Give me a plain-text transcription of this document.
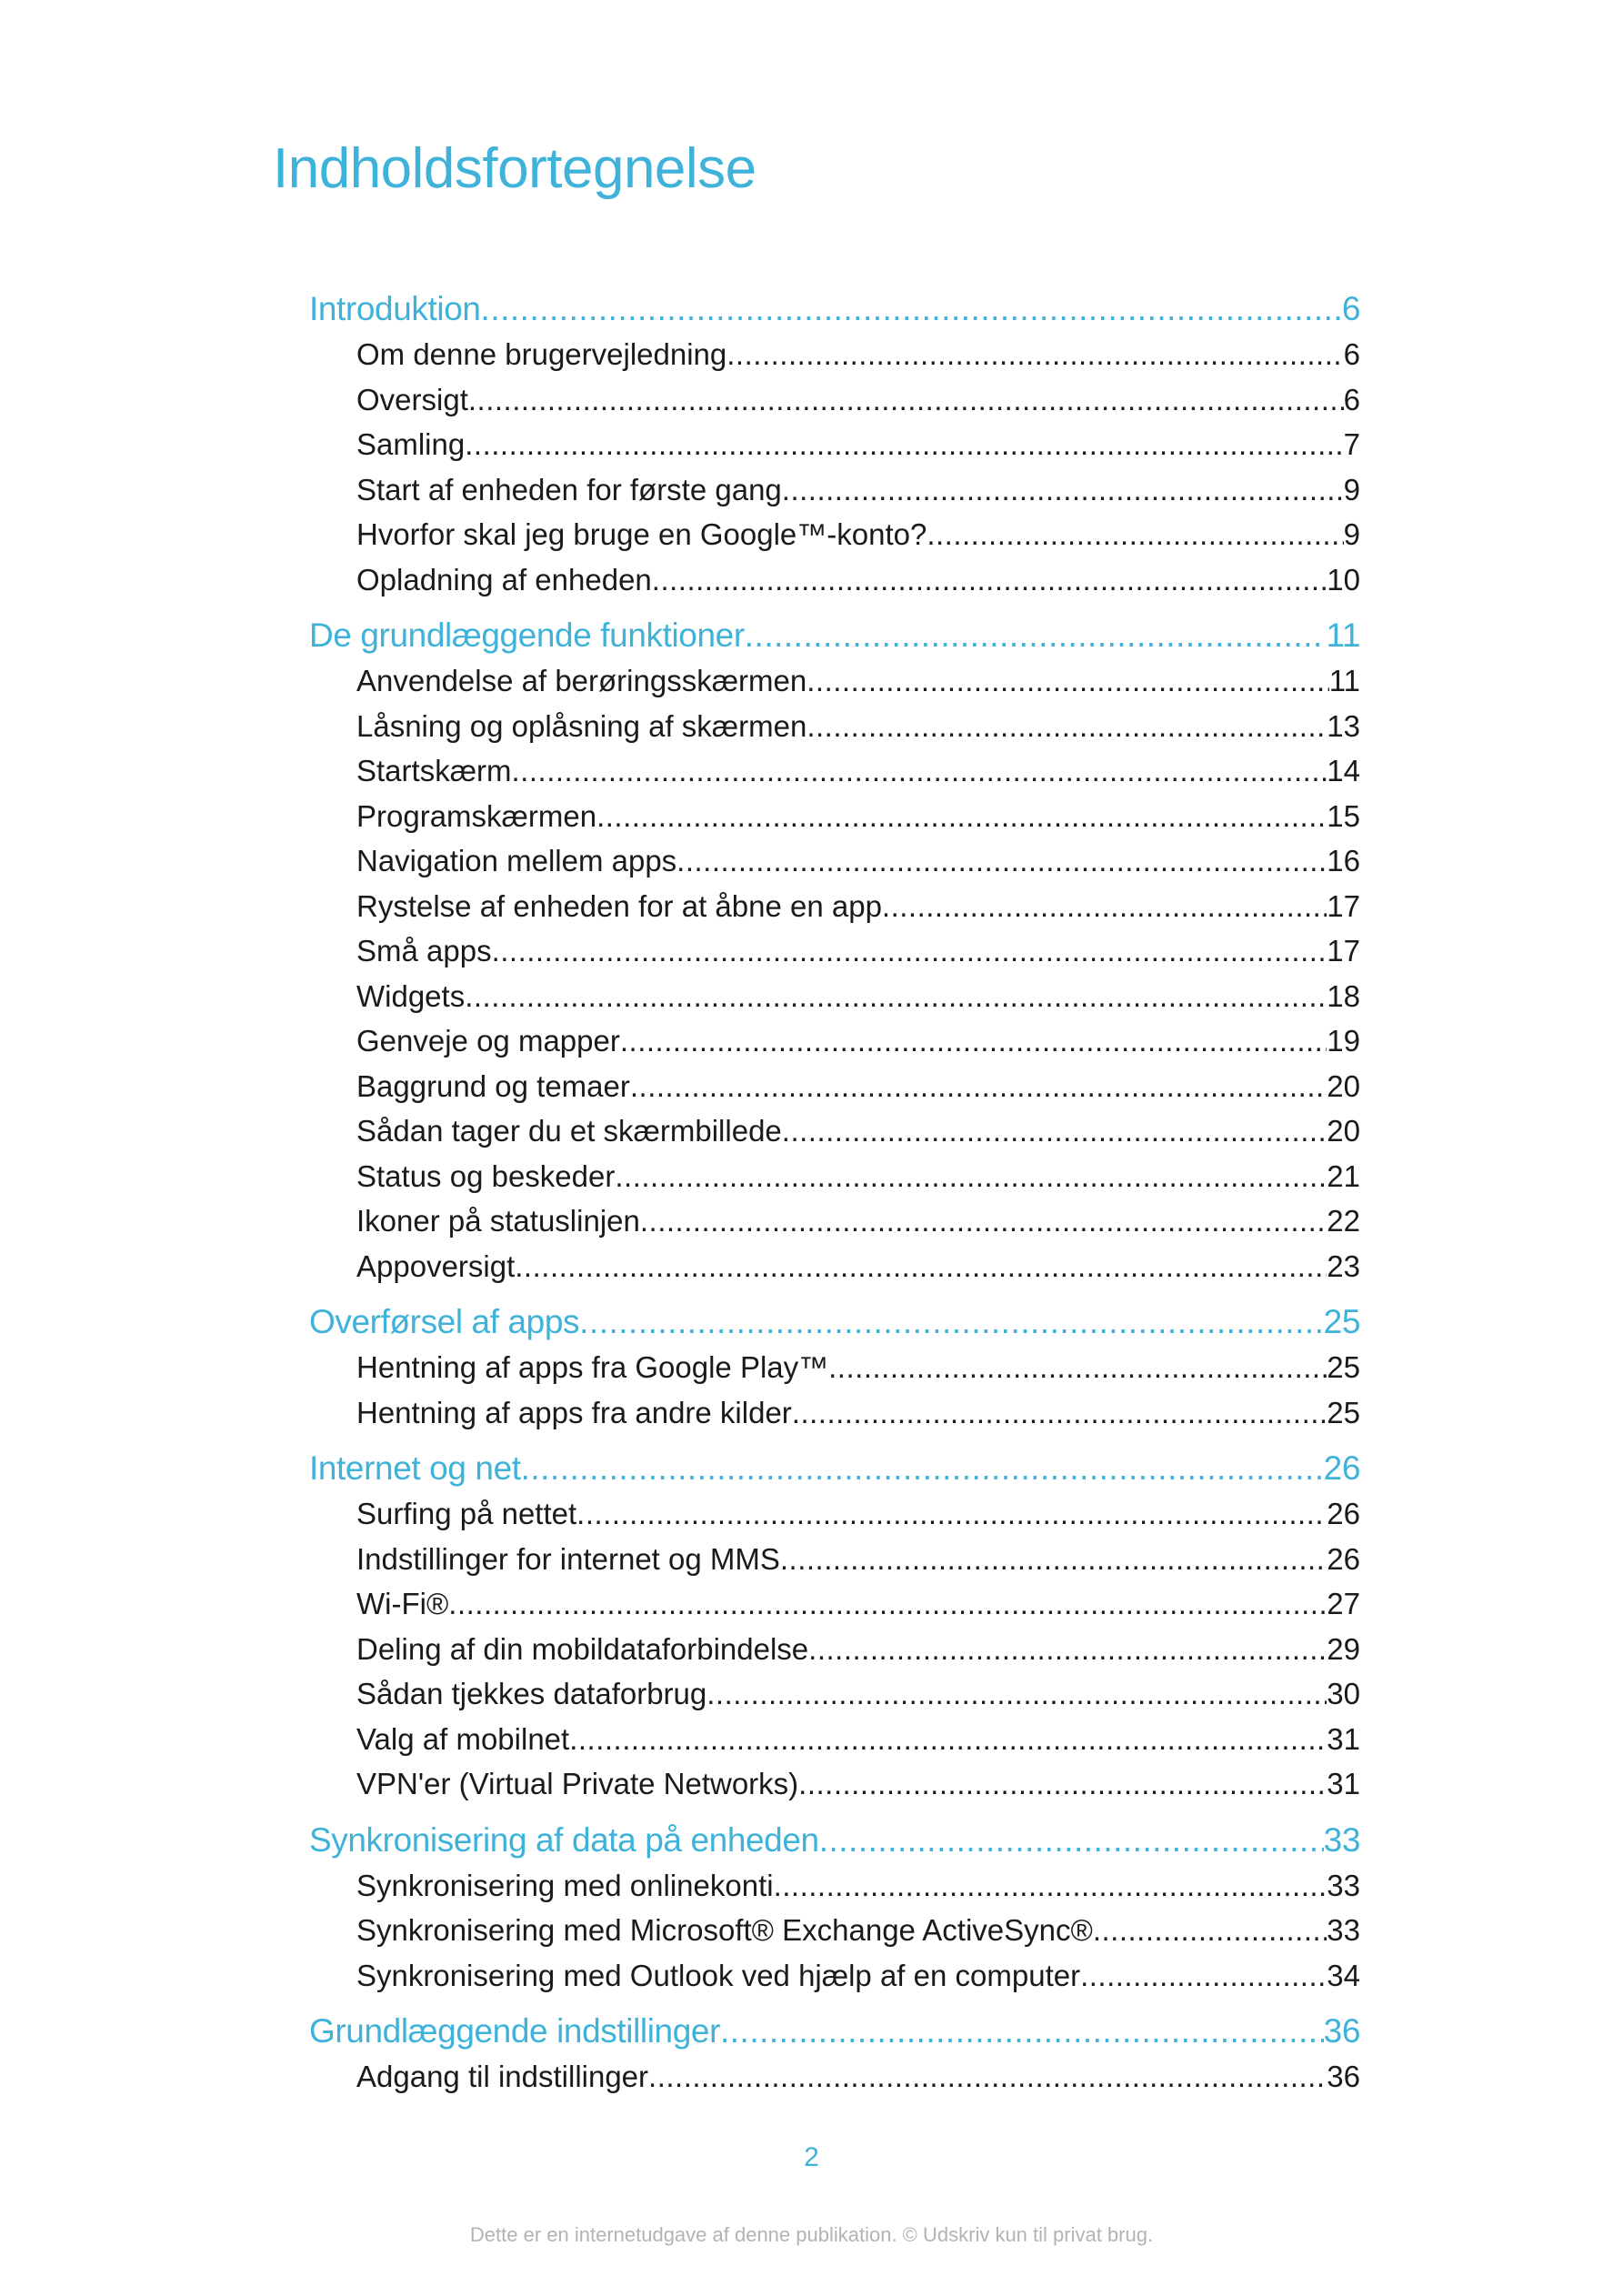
Indholdsfortegnelse
Introduktion .....	6
Om denne brugervejledning .....	6
Oversigt .....	6
Samling .....	7
Start af enheden for første gang .....	9
Hvorfor skal jeg bruge en Google™-konto? .....	9
Opladning af enheden .....	10
De grundlæggende funktioner .....	11
Anvendelse af berøringsskærmen .....	11
Låsning og oplåsning af skærmen .....	13
Startskærm .....	14
Programskærmen .....	15
Navigation mellem apps .....	16
Rystelse af enheden for at åbne en app .....	17
Små apps .....	17
Widgets .....	18
Genveje og mapper .....	19
Baggrund og temaer .....	20
Sådan tager du et skærmbillede .....	20
Status og beskeder .....	21
Ikoner på statuslinjen .....	22
Appoversigt .....	23
Overførsel af apps .....	25
Hentning af apps fra Google Play™ .....	25
Hentning af apps fra andre kilder .....	25
Internet og net .....	26
Surfing på nettet .....	26
Indstillinger for internet og MMS .....	26
Wi-Fi® .....	27
Deling af din mobildataforbindelse .....	29
Sådan tjekkes dataforbrug .....	30
Valg af mobilnet .....	31
VPN'er (Virtual Private Networks) .....	31
Synkronisering af data på enheden .....	33
Synkronisering med onlinekonti .....	33
Synkronisering med Microsoft® Exchange ActiveSync® .....	33
Synkronisering med Outlook ved hjælp af en computer .....	34
Grundlæggende indstillinger .....	36
Adgang til indstillinger .....	36
2
Dette er en internetudgave af denne publikation. © Udskriv kun til privat brug.
